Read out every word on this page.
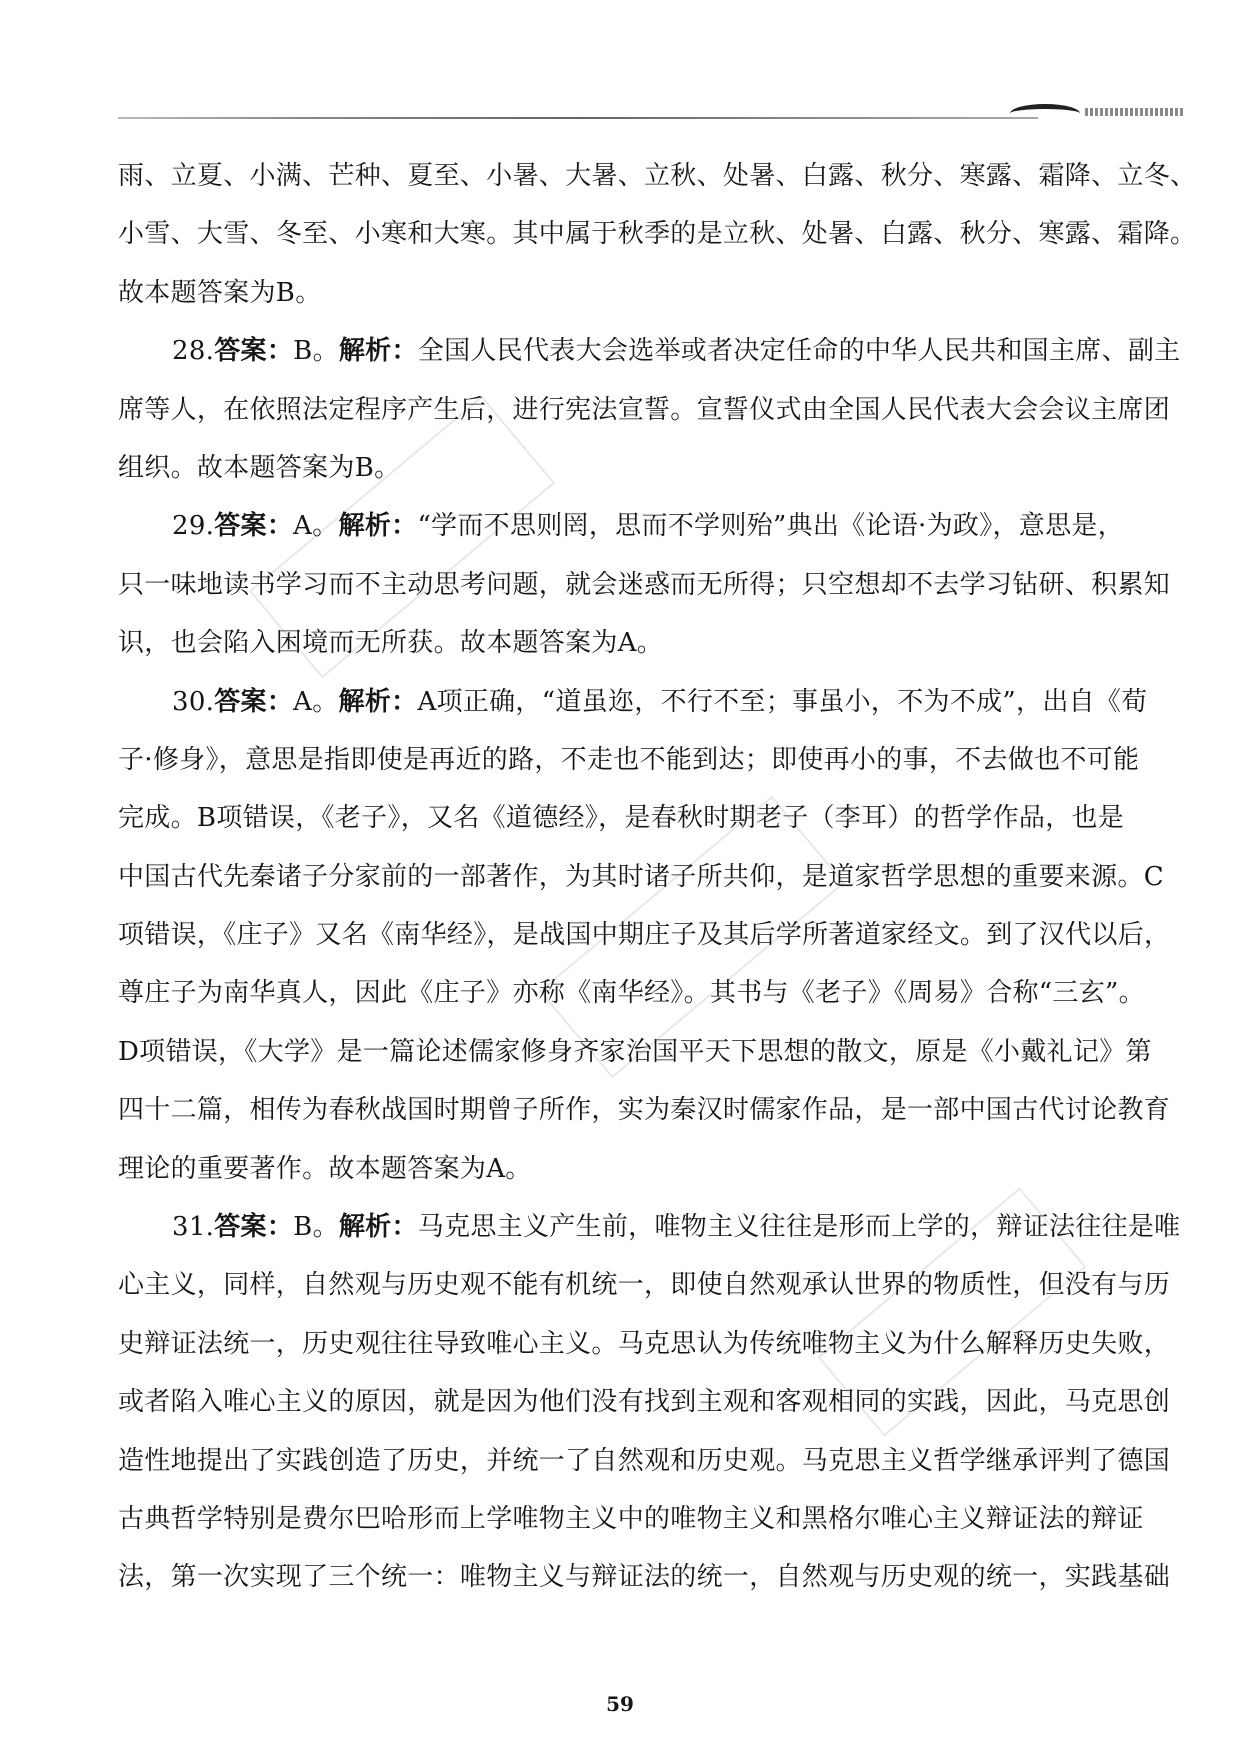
雨、立夏、小满、芒种、夏至、小暑、大暑、立秋、处暑、白露、秋分、寒露、霜降、立冬、
小雪、大雪、冬至、小寒和大寒。其中属于秋季的是立秋、处暑、白露、秋分、寒露、霜降。
故本题答案为B。
28.答案：B。解析：全国人民代表大会选举或者决定任命的中华人民共和国主席、副主
席等人，在依照法定程序产生后，进行宪法宣誓。宣誓仪式由全国人民代表大会会议主席团
组织。故本题答案为B。
29.答案：A。解析：“学而不思则罔，思而不学则殆”典出《论语·为政》，意思是，
只一味地读书学习而不主动思考问题，就会迷惑而无所得；只空想却不去学习钻研、积累知
识，也会陷入困境而无所获。故本题答案为A。
30.答案：A。解析：A项正确，“道虽迩，不行不至；事虽小，不为不成”，出自《荀
子·修身》，意思是指即使是再近的路，不走也不能到达；即使再小的事，不去做也不可能
完成。B项错误，《老子》，又名《道德经》，是春秋时期老子（李耳）的哲学作品，也是
中国古代先秦诸子分家前的一部著作，为其时诸子所共仰，是道家哲学思想的重要来源。C
项错误，《庄子》又名《南华经》，是战国中期庄子及其后学所著道家经文。到了汉代以后，
尊庄子为南华真人，因此《庄子》亦称《南华经》。其书与《老子》《周易》合称“三玄”。
D项错误，《大学》是一篇论述儒家修身齐家治国平天下思想的散文，原是《小戴礼记》第
四十二篇，相传为春秋战国时期曾子所作，实为秦汉时儒家作品，是一部中国古代讨论教育
理论的重要著作。故本题答案为A。
31.答案：B。解析：马克思主义产生前，唯物主义往往是形而上学的，辩证法往往是唯
心主义，同样，自然观与历史观不能有机统一，即使自然观承认世界的物质性，但没有与历
史辩证法统一，历史观往往导致唯心主义。马克思认为传统唯物主义为什么解释历史失败，
或者陷入唯心主义的原因，就是因为他们没有找到主观和客观相同的实践，因此，马克思创
造性地提出了实践创造了历史，并统一了自然观和历史观。马克思主义哲学继承评判了德国
古典哲学特别是费尔巴哈形而上学唯物主义中的唯物主义和黑格尔唯心主义辩证法的辩证
法，第一次实现了三个统一：唯物主义与辩证法的统一，自然观与历史观的统一，实践基础
59
